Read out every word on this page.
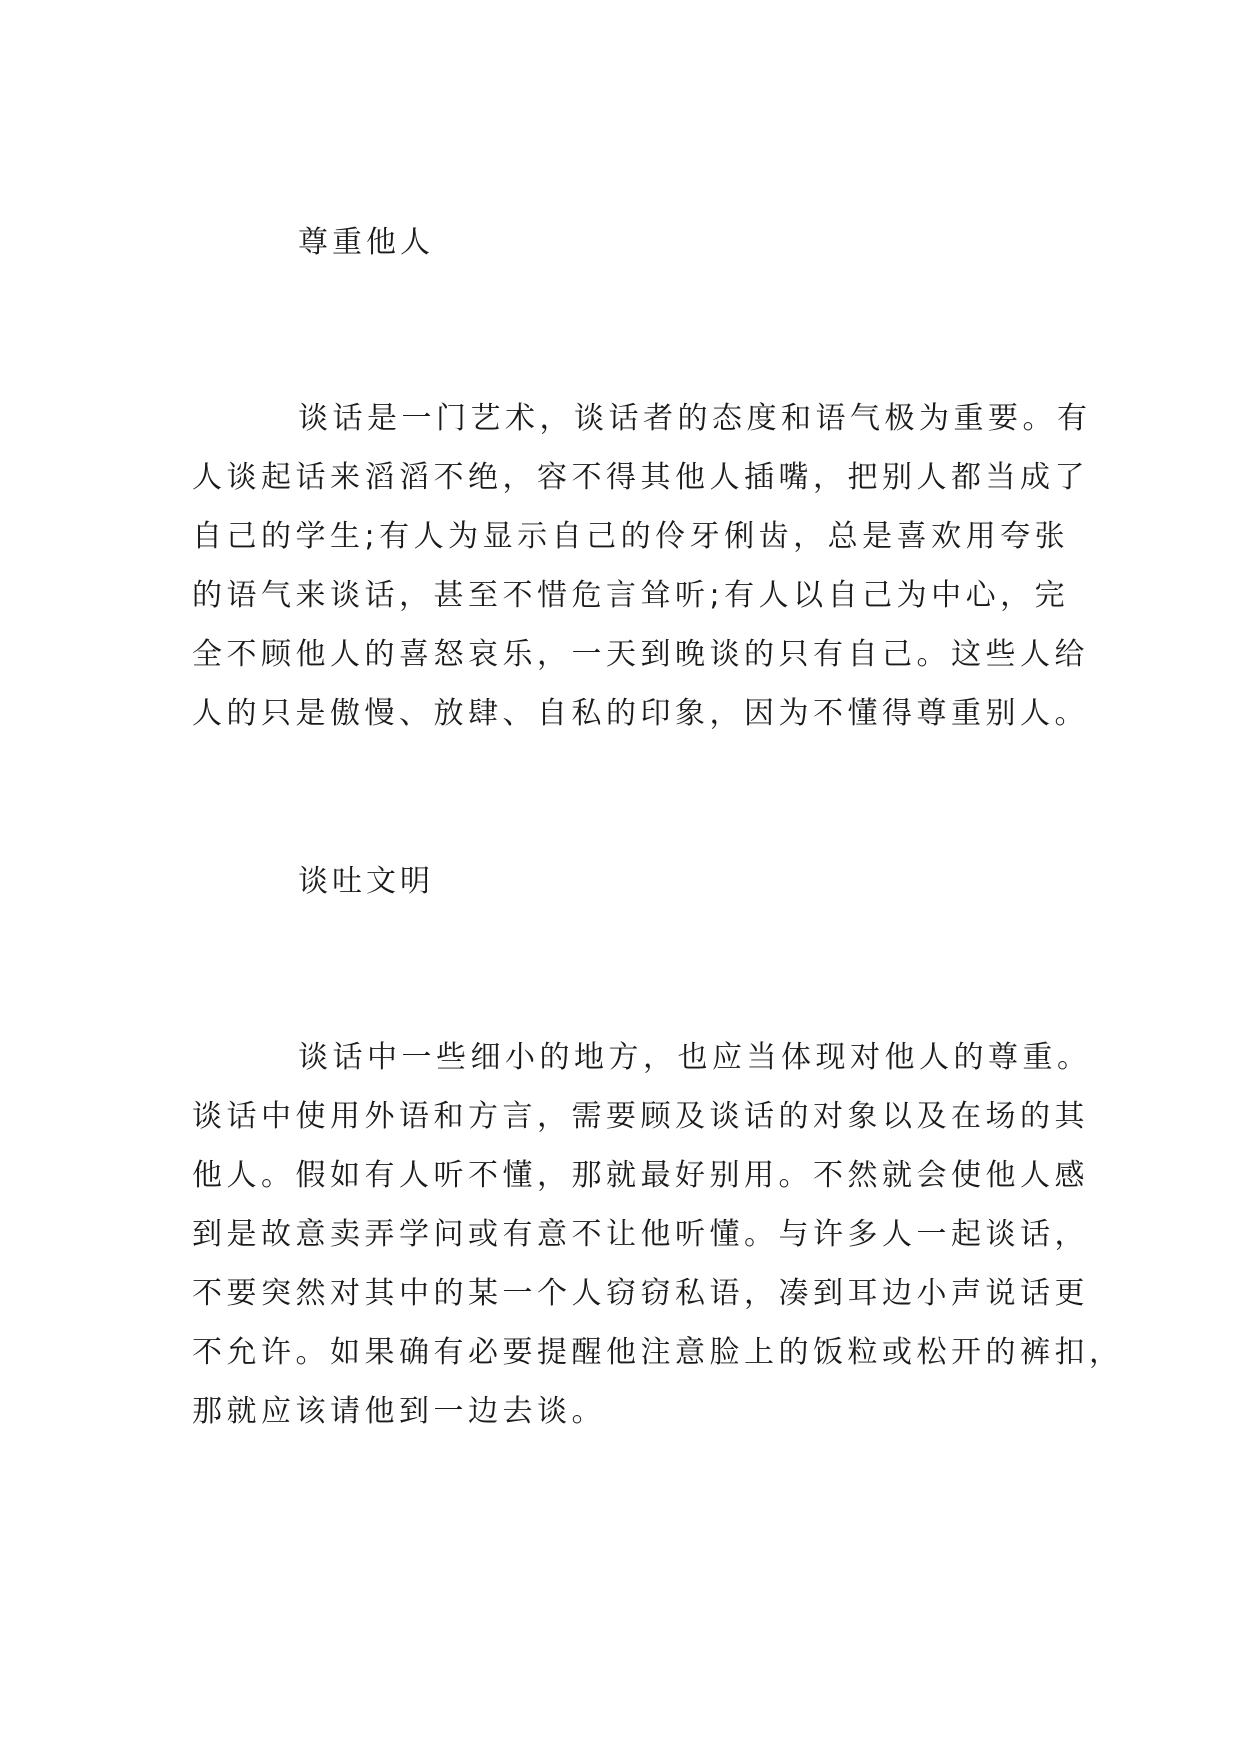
尊重他人
谈话是一门艺术，谈话者的态度和语气极为重要。有
人谈起话来滔滔不绝，容不得其他人插嘴，把别人都当成了
自己的学生;有人为显示自己的伶牙俐齿，总是喜欢用夸张
的语气来谈话，甚至不惜危言耸听;有人以自己为中心，完
全不顾他人的喜怒哀乐，一天到晚谈的只有自己。这些人给
人的只是傲慢、放肆、自私的印象，因为不懂得尊重别人。
谈吐文明
谈话中一些细小的地方，也应当体现对他人的尊重。
谈话中使用外语和方言，需要顾及谈话的对象以及在场的其
他人。假如有人听不懂，那就最好别用。不然就会使他人感
到是故意卖弄学问或有意不让他听懂。与许多人一起谈话，
不要突然对其中的某一个人窃窃私语，凑到耳边小声说话更
不允许。如果确有必要提醒他注意脸上的饭粒或松开的裤扣，
那就应该请他到一边去谈。
